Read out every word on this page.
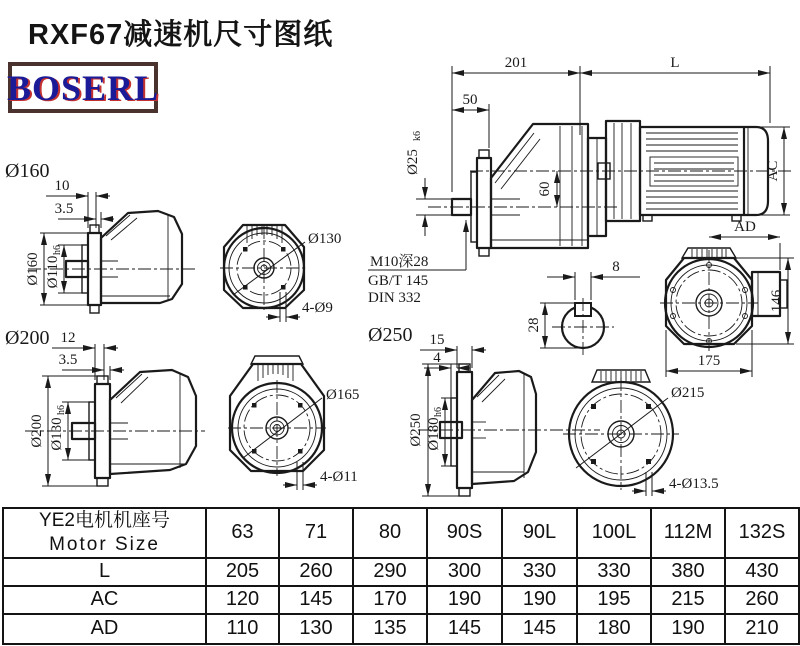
RXF67减速机尺寸图纸
BOSERL
201	L
50
Ø25
k6
60
AC
M10深28
GB/T 145
DIN 332
8
28
AD
146
175
Ø160
10
3.5
Ø160 Ø110
h6
Ø130
4-Ø9
Ø200 12
3.5
Ø200 Ø130
h6
Ø165
4-Ø11
Ø250 15
4
Ø250 Ø180
h6
Ø215
4-Ø13.5
YE2电机机座号
Motor Size	63	71	80	90S	90L	100L	112M	132S
L	205	260	290	300	330	330	380	430
AC	120	145	170	190	190	195	215	260
AD	110	130	135	145	145	180	190	210
